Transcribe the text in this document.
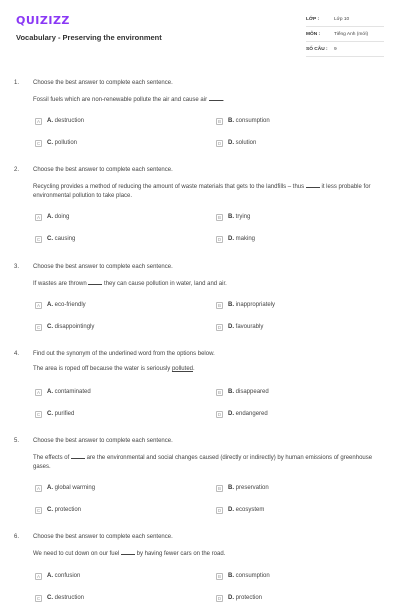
QUIZIZZ
Vocabulary - Preserving the environment
LỚP :	Lớp 10
MÔN :	Tiếng Anh (mới)
SỐ CÂU :	9
1. Choose the best answer to complete each sentence.
Fossil fuels which are non-renewable pollute the air and cause air	.
A	A. destruction	B	B. consumption
C	C. pollution	D	D. solution
2. Choose the best answer to complete each sentence.
Recycling provides a method of reducing the amount of waste materials that gets to the landfills – thus	it less probable for environmental pollution to take place.
A	A. doing	B	B. trying
C	C. causing	D	D. making
3. Choose the best answer to complete each sentence.
If wastes are thrown	they can cause pollution in water, land and air.
A	A. eco-friendly	B	B. inappropriately
C	C. disappointingly	D	D. favourably
4. Find out the synonym of the underlined word from the options below.
The area is roped off because the water is seriously polluted.
A	A. contaminated	B	B. disappeared
C	C. purified	D	D. endangered
5. Choose the best answer to complete each sentence.
The effects of	are the environmental and social changes caused (directly or indirectly) by human emissions of greenhouse gases.
A	A. global warming	B	B. preservation
C	C. protection	D	D. ecosystem
6. Choose the best answer to complete each sentence.
We need to cut down on our fuel	by having fewer cars on the road.
A	A. confusion	B	B. consumption
C	C. destruction	D	D. protection
